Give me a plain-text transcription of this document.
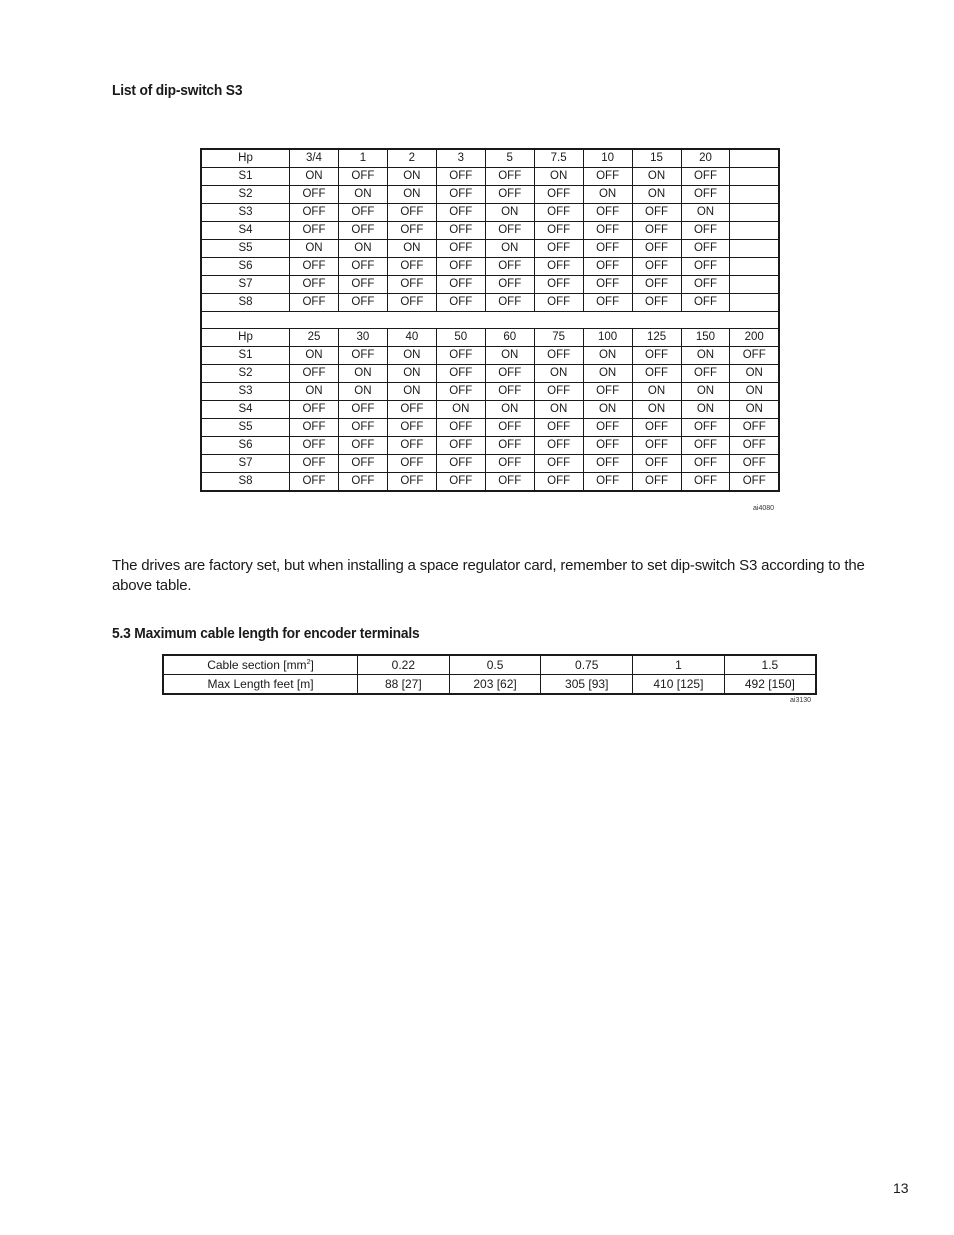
List of dip-switch S3
Hp	3/4	1	2	3	5	7.5	10	15	20	
S1	ON	OFF	ON	OFF	OFF	ON	OFF	ON	OFF	
S2	OFF	ON	ON	OFF	OFF	OFF	ON	ON	OFF	
S3	OFF	OFF	OFF	OFF	ON	OFF	OFF	OFF	ON	
S4	OFF	OFF	OFF	OFF	OFF	OFF	OFF	OFF	OFF	
S5	ON	ON	ON	OFF	ON	OFF	OFF	OFF	OFF	
S6	OFF	OFF	OFF	OFF	OFF	OFF	OFF	OFF	OFF	
S7	OFF	OFF	OFF	OFF	OFF	OFF	OFF	OFF	OFF	
S8	OFF	OFF	OFF	OFF	OFF	OFF	OFF	OFF	OFF	

Hp	25	30	40	50	60	75	100	125	150	200
S1	ON	OFF	ON	OFF	ON	OFF	ON	OFF	ON	OFF
S2	OFF	ON	ON	OFF	OFF	ON	ON	OFF	OFF	ON
S3	ON	ON	ON	OFF	OFF	OFF	OFF	ON	ON	ON
S4	OFF	OFF	OFF	ON	ON	ON	ON	ON	ON	ON
S5	OFF	OFF	OFF	OFF	OFF	OFF	OFF	OFF	OFF	OFF
S6	OFF	OFF	OFF	OFF	OFF	OFF	OFF	OFF	OFF	OFF
S7	OFF	OFF	OFF	OFF	OFF	OFF	OFF	OFF	OFF	OFF
S8	OFF	OFF	OFF	OFF	OFF	OFF	OFF	OFF	OFF	OFF
ai4080

The drives are factory set, but when installing a space regulator card, remember to set dip-switch S3 according to the above table.

5.3 Maximum cable length for encoder terminals
Cable section $[mm^2]$	0.22	0.5	0.75	1	1.5
Max Length feet [m]	88 [27]	203 [62]	305 [93]	410 [125]	492 [150]
ai3130
13
